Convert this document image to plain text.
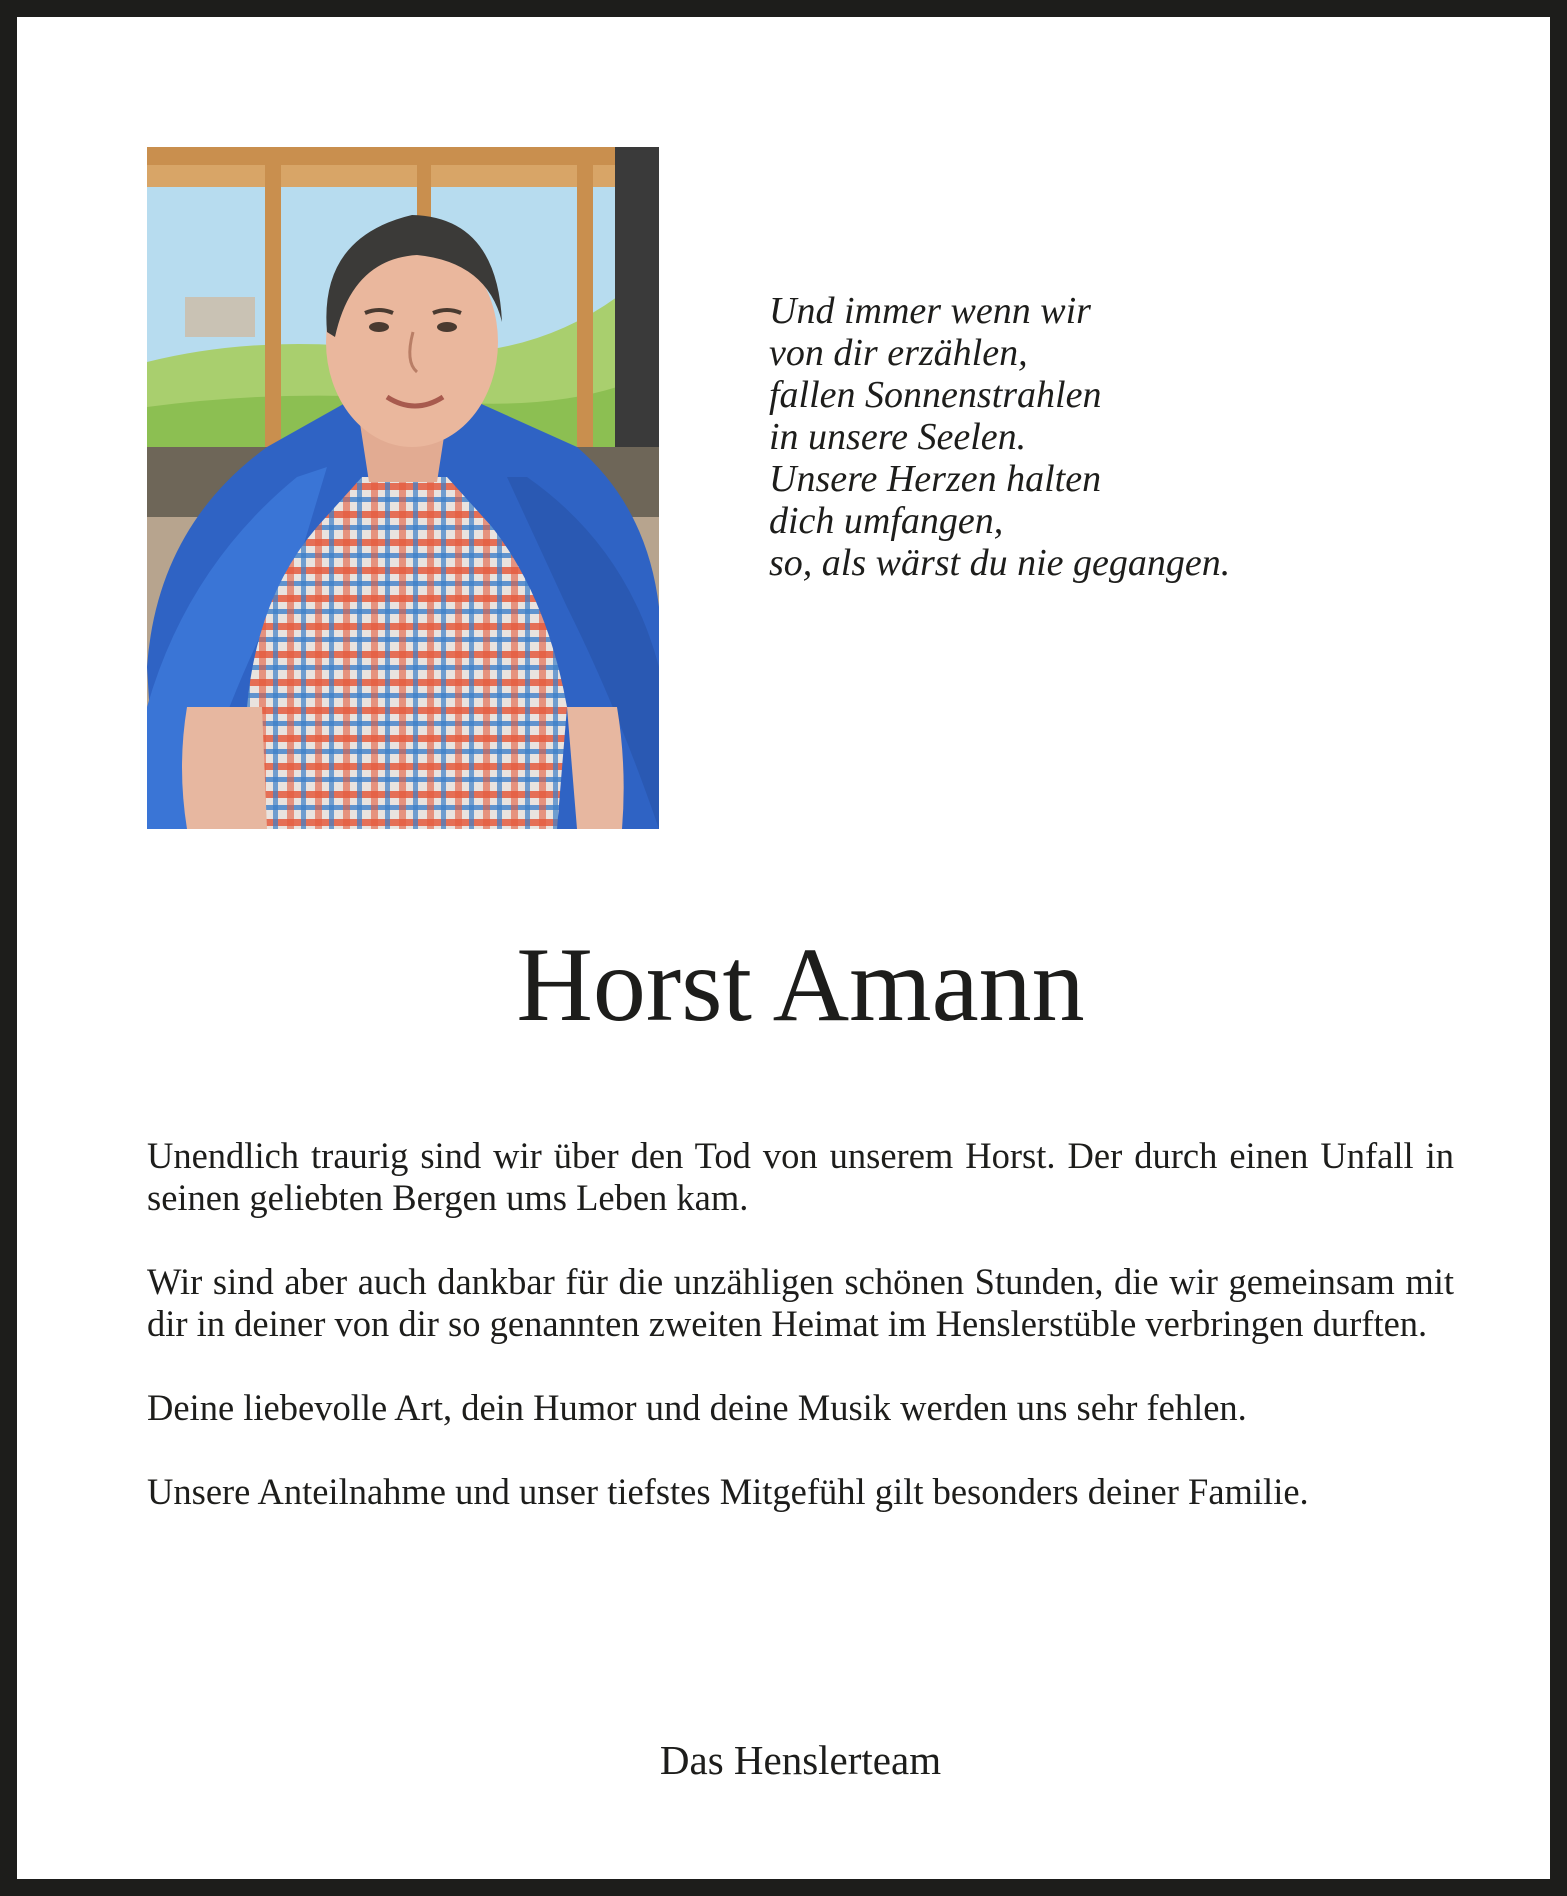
Und immer wenn wir
von dir erzählen,
fallen Sonnenstrahlen
in unsere Seelen.
Unsere Herzen halten
dich umfangen,
so, als wärst du nie gegangen.
Horst Amann

Unendlich traurig sind wir über den Tod von unserem Horst. Der durch einen Unfall in seinen geliebten Bergen ums Leben kam.

Wir sind aber auch dankbar für die unzähligen schönen Stunden, die wir gemeinsam mit dir in deiner von dir so genannten zweiten Heimat im Henslerstüble verbringen durften.

Deine liebevolle Art, dein Humor und deine Musik werden uns sehr fehlen.

Unsere Anteilnahme und unser tiefstes Mitgefühl gilt besonders deiner Familie.

Das Henslerteam
